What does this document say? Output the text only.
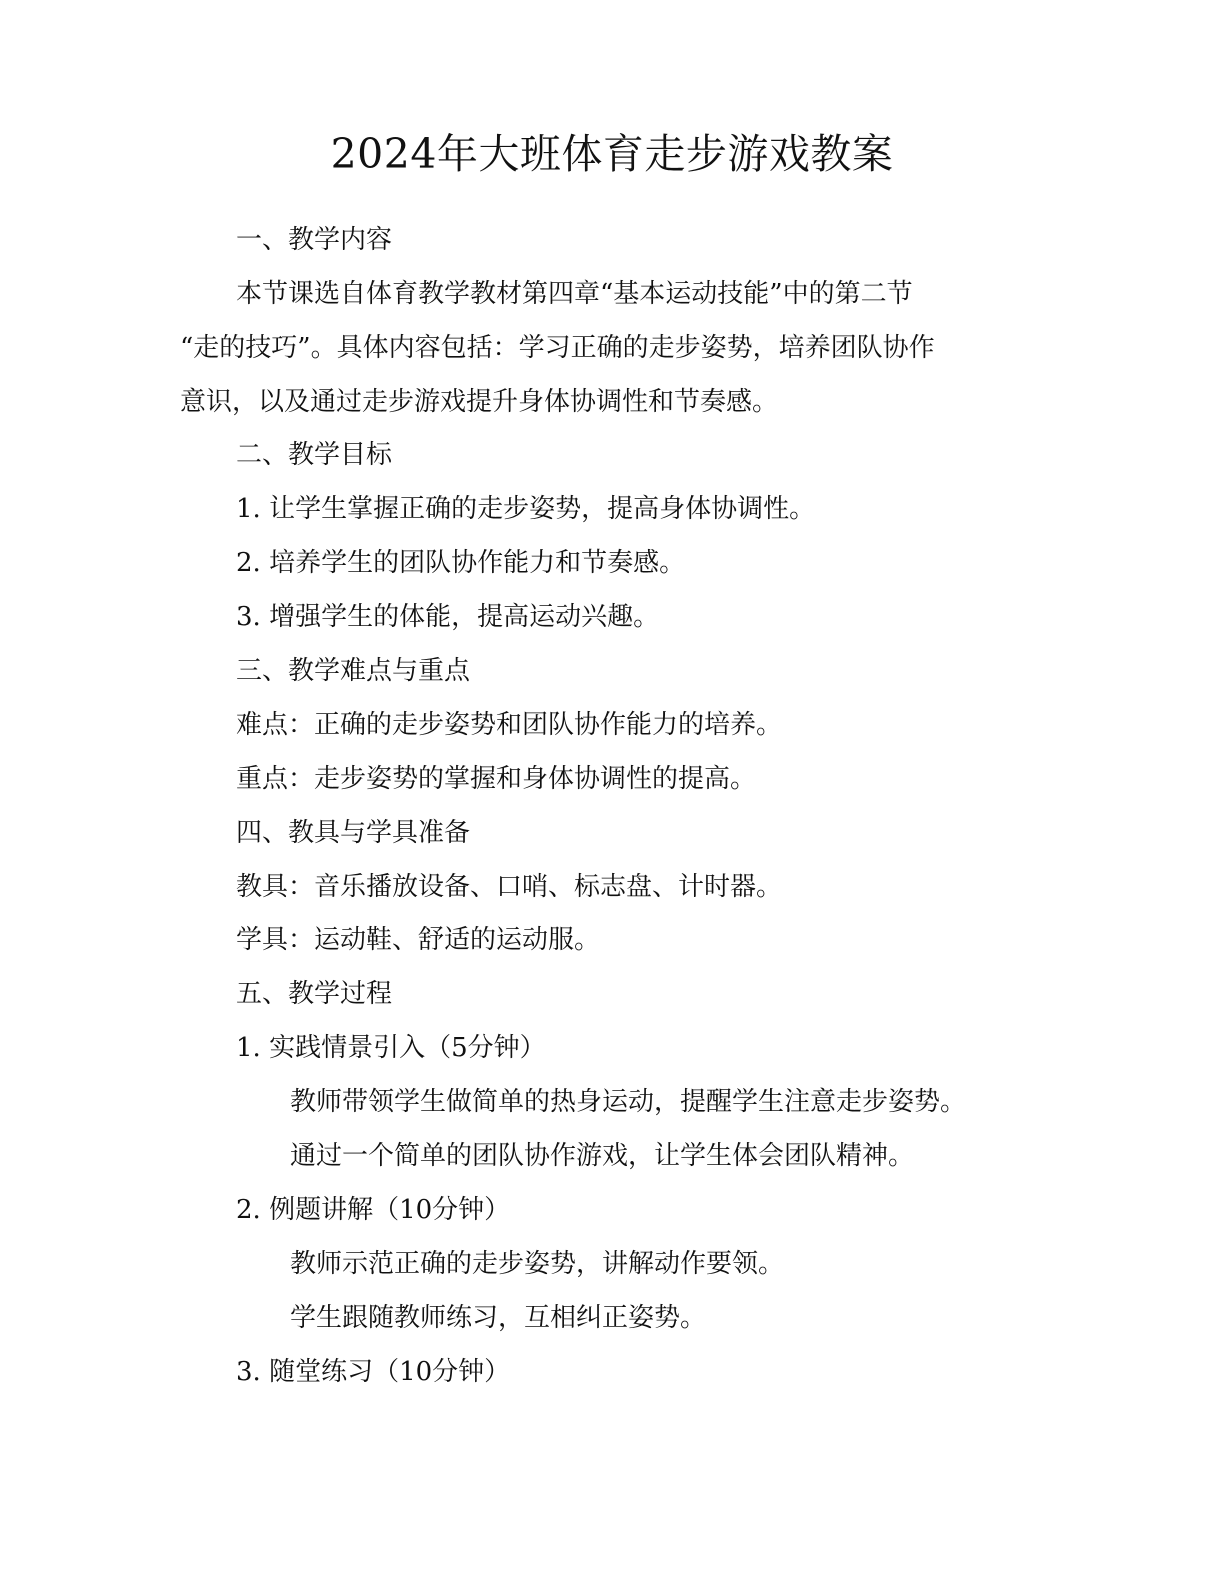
2024年大班体育走步游戏教案

一、教学内容

本节课选自体育教学教材第四章“基本运动技能”中的第二节

“走的技巧”。具体内容包括：学习正确的走步姿势，培养团队协作

意识，以及通过走步游戏提升身体协调性和节奏感。

二、教学目标

1. 让学生掌握正确的走步姿势，提高身体协调性。

2. 培养学生的团队协作能力和节奏感。

3. 增强学生的体能，提高运动兴趣。

三、教学难点与重点

难点：正确的走步姿势和团队协作能力的培养。

重点：走步姿势的掌握和身体协调性的提高。

四、教具与学具准备

教具：音乐播放设备、口哨、标志盘、计时器。

学具：运动鞋、舒适的运动服。

五、教学过程

1. 实践情景引入（5分钟）

教师带领学生做简单的热身运动，提醒学生注意走步姿势。

通过一个简单的团队协作游戏，让学生体会团队精神。

2. 例题讲解（10分钟）

教师示范正确的走步姿势，讲解动作要领。

学生跟随教师练习，互相纠正姿势。

3. 随堂练习（10分钟）
